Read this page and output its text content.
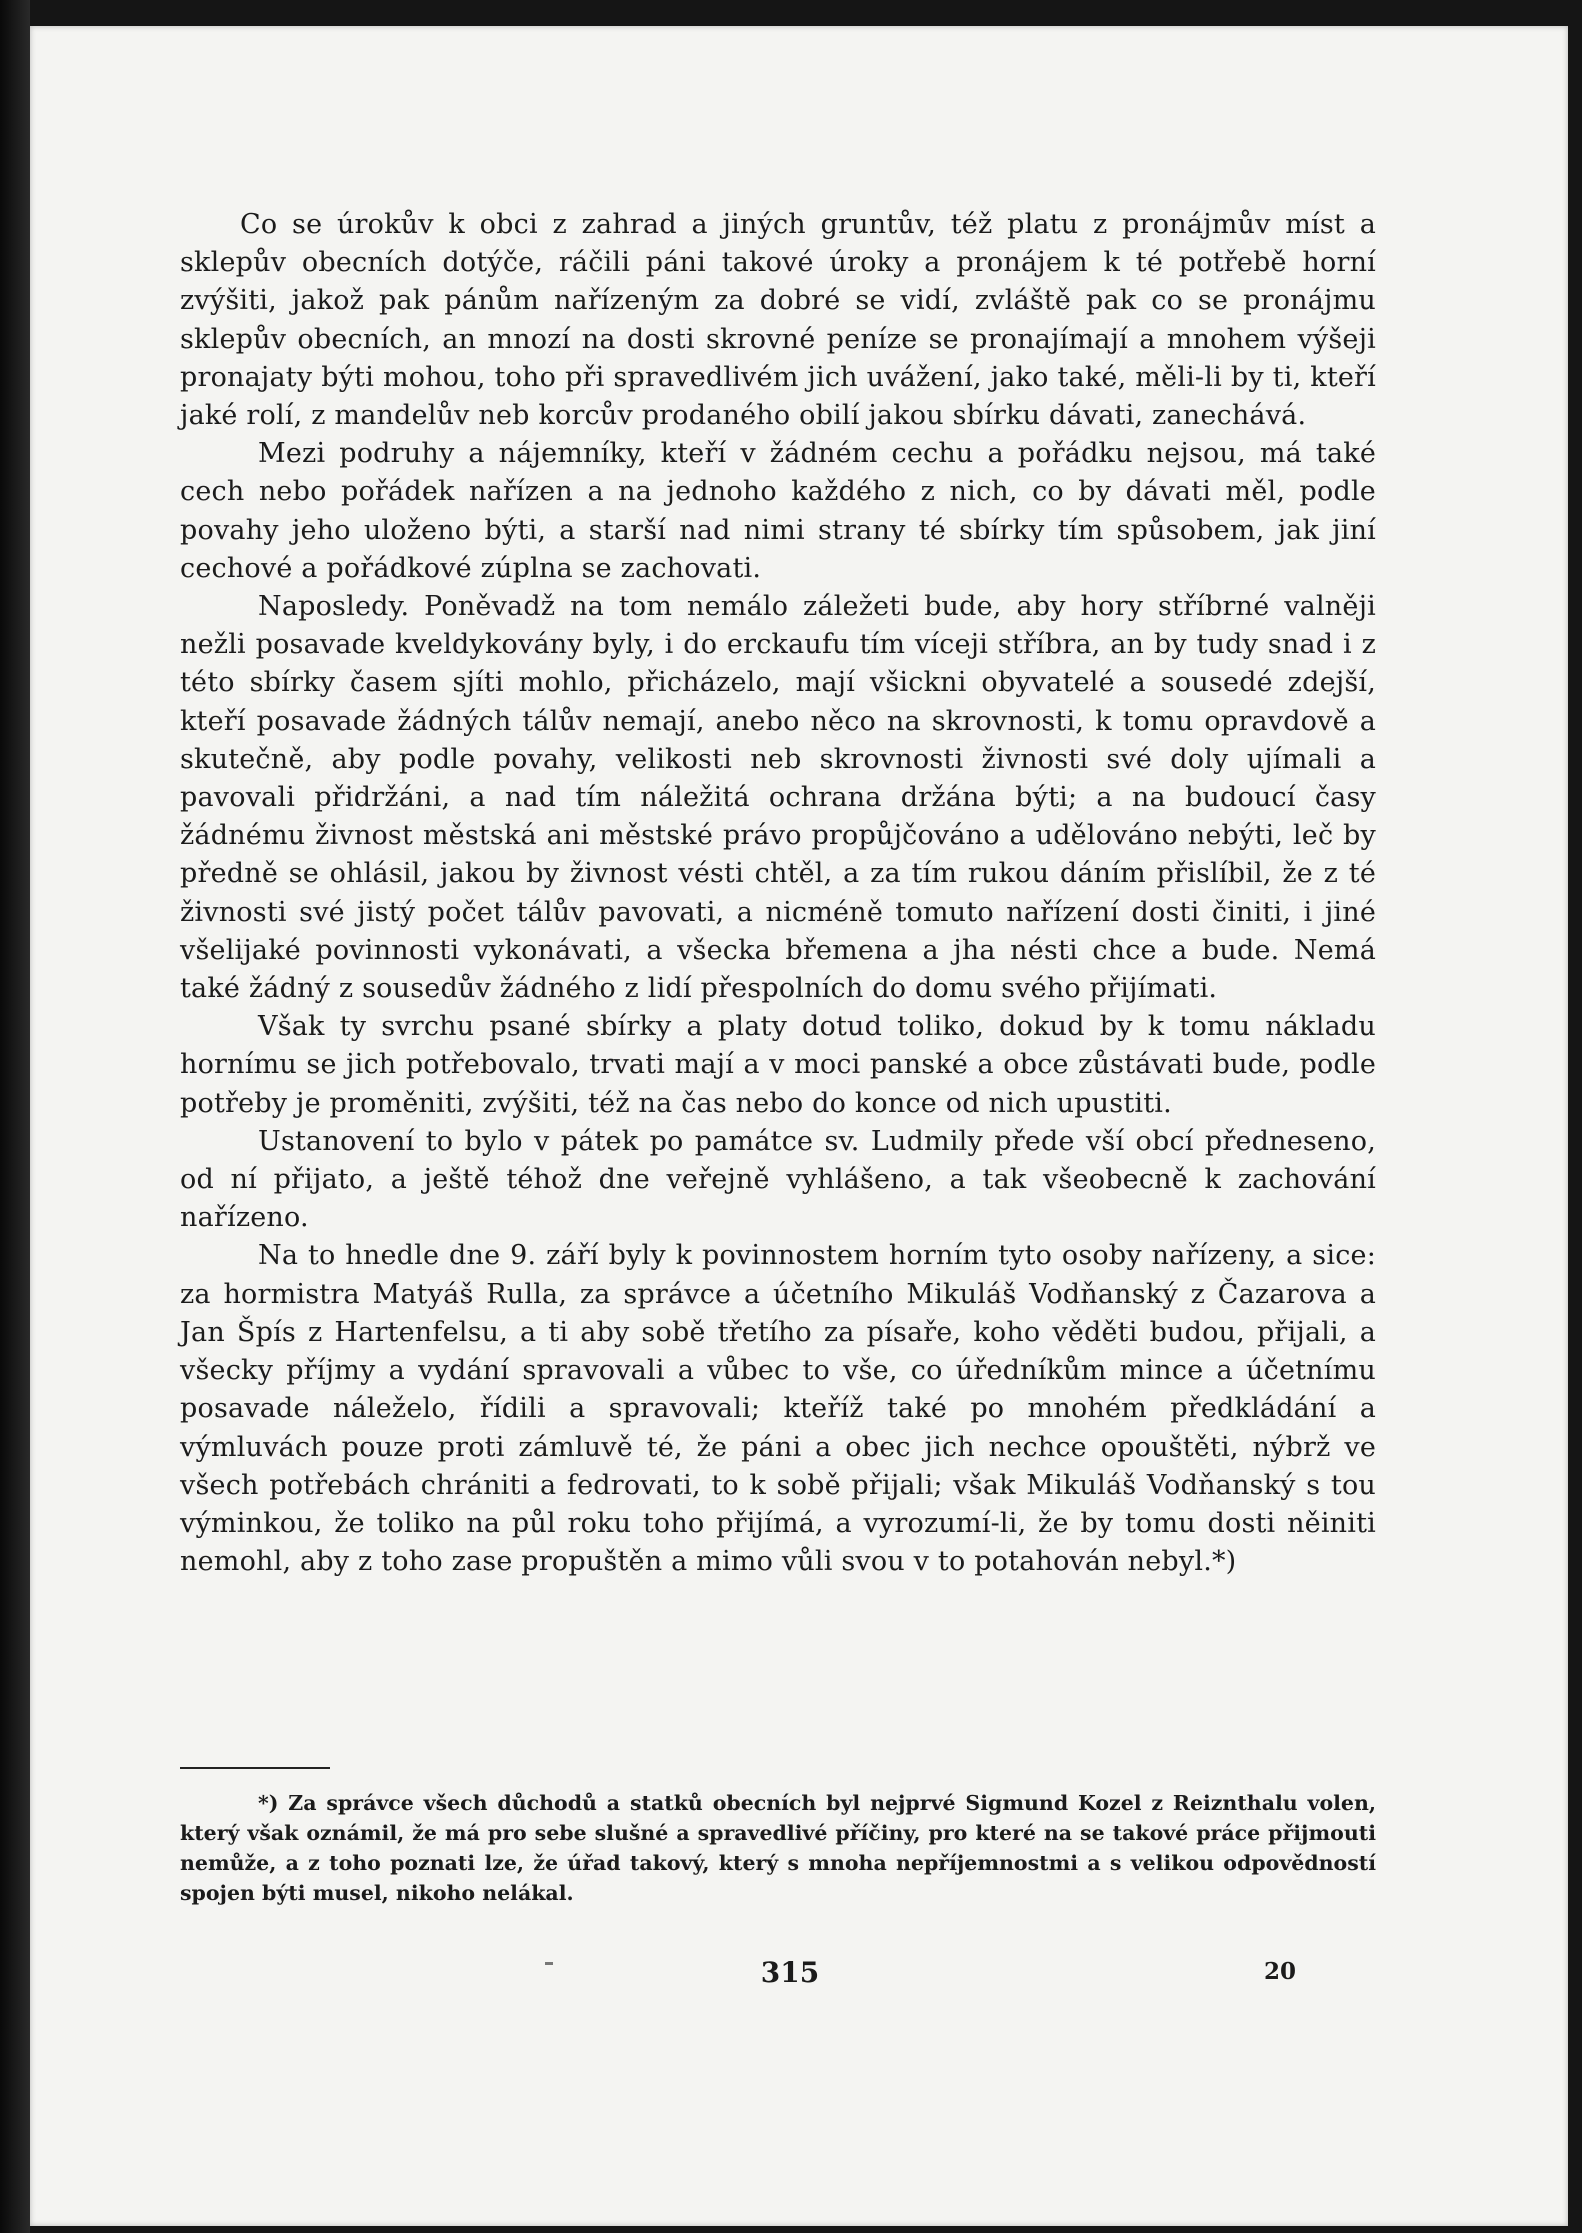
Co se úrokův k obci z zahrad a jiných gruntův, též platu z pronájmův míst a sklepův obecních dotýče, ráčili páni takové úroky a pronájem k té potřebě horní zvýšiti, jakož pak pánům nařízeným za dobré se vidí, zvláště pak co se pronájmu sklepův obecních, an mnozí na dosti skrovné peníze se pronajímají a mnohem výšeji pronajaty býti mohou, toho při spravedlivém jich uvážení, jako také, měli-li by ti, kteří jaké rolí, z mandelův neb korcův prodaného obilí jakou sbírku dávati, zanechává.

Mezi podruhy a nájemníky, kteří v žádném cechu a pořádku nejsou, má také cech nebo pořádek nařízen a na jednoho každého z nich, co by dávati měl, podle povahy jeho uloženo býti, a starší nad nimi strany té sbírky tím spůsobem, jak jiní cechové a pořádkové zúplna se zachovati.

Naposledy. Poněvadž na tom nemálo záležeti bude, aby hory stříbrné valněji nežli posavade kveldykovány byly, i do erckaufu tím víceji stříbra, an by tudy snad i z této sbírky časem sjíti mohlo, přicházelo, mají všickni obyvatelé a sousedé zdejší, kteří posavade žádných tálův nemají, anebo něco na skrovnosti, k tomu opravdově a skutečně, aby podle povahy, velikosti neb skrovnosti živnosti své doly ujímali a pavovali přidržáni, a nad tím náležitá ochrana držána býti; a na budoucí časy žádnému živnost městská ani městské právo propůjčováno a udělováno nebýti, leč by předně se ohlásil, jakou by živnost vésti chtěl, a za tím rukou dáním přislíbil, že z té živnosti své jistý počet tálův pavovati, a nicméně tomuto nařízení dosti činiti, i jiné všelijaké povinnosti vykonávati, a všecka břemena a jha nésti chce a bude. Nemá také žádný z sousedův žádného z lidí přespolních do domu svého přijímati.

Však ty svrchu psané sbírky a platy dotud toliko, dokud by k tomu nákladu hornímu se jich potřebovalo, trvati mají a v moci panské a obce zůstávati bude, podle potřeby je proměniti, zvýšiti, též na čas nebo do konce od nich upustiti.

Ustanovení to bylo v pátek po památce sv. Ludmily přede vší obcí předneseno, od ní přijato, a ještě téhož dne veřejně vyhlášeno, a tak všeobecně k zachování nařízeno.

Na to hnedle dne 9. září byly k povinnostem horním tyto osoby nařízeny, a sice: za hormistra Matyáš Rulla, za správce a účetního Mikuláš Vodňanský z Čazarova a Jan Špís z Hartenfelsu, a ti aby sobě třetího za písaře, koho věděti budou, přijali, a všecky příjmy a vydání spravovali a vůbec to vše, co úředníkům mince a účetnímu posavade náleželo, řídili a spravovali; kteříž také po mnohém předkládání a výmluvách pouze proti zámluvě té, že páni a obec jich nechce opouštěti, nýbrž ve všech potřebách chrániti a fedrovati, to k sobě přijali; však Mikuláš Vodňanský s tou výminkou, že toliko na půl roku toho přijímá, a vyrozumí-li, že by tomu dosti něiniti nemohl, aby z toho zase propuštěn a mimo vůli svou v to potahován nebyl.*)

*) Za správce všech důchodů a statků obecních byl nejprvé Sigmund Kozel z Reiznthalu volen, který však oznámil, že má pro sebe slušné a spravedlivé příčiny, pro které na se takové práce přijmouti nemůže, a z toho poznati lze, že úřad takový, který s mnoha nepříjemnostmi a s velikou odpovědností spojen býti musel, nikoho nelákal.
315	20
